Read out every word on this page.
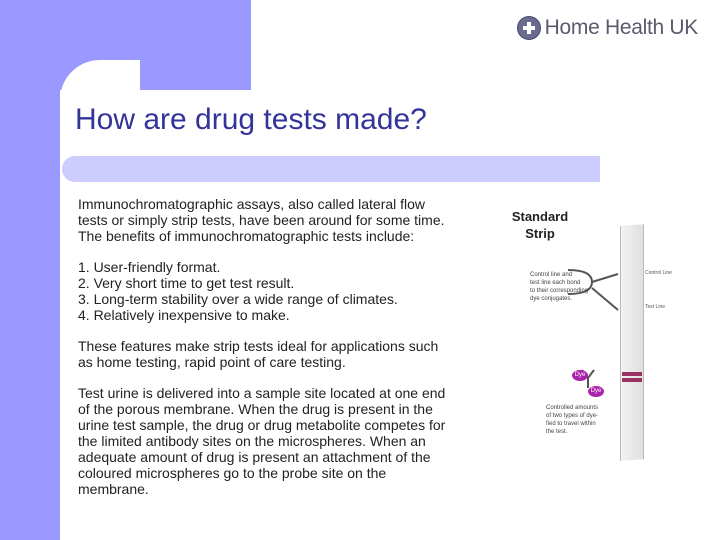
Home Health UK
How are drug tests made?

Immunochromatographic assays, also called lateral flow
tests or simply strip tests, have been around for some time.
The benefits of immunochromatographic tests include:

1. User-friendly format.
2. Very short time to get test result.
3. Long-term stability over a wide range of climates.
4. Relatively inexpensive to make.

These features make strip tests ideal for applications such
as home testing, rapid point of care testing.

Test urine is delivered into a sample site located at one end
of the porous membrane. When the drug is present in the
urine test sample, the drug or drug metabolite competes for
the limited antibody sites on the microspheres. When an
adequate amount of drug is present an attachment of the
coloured microspheres go to the probe site on the
membrane.

Standard
Strip
Control line and
test line each bond
to their corresponding
dye conjugates.
Control Line
Test Line
Dye
Dye
Controlled amounts
of two types of dye-
fied to travel within
the test.
